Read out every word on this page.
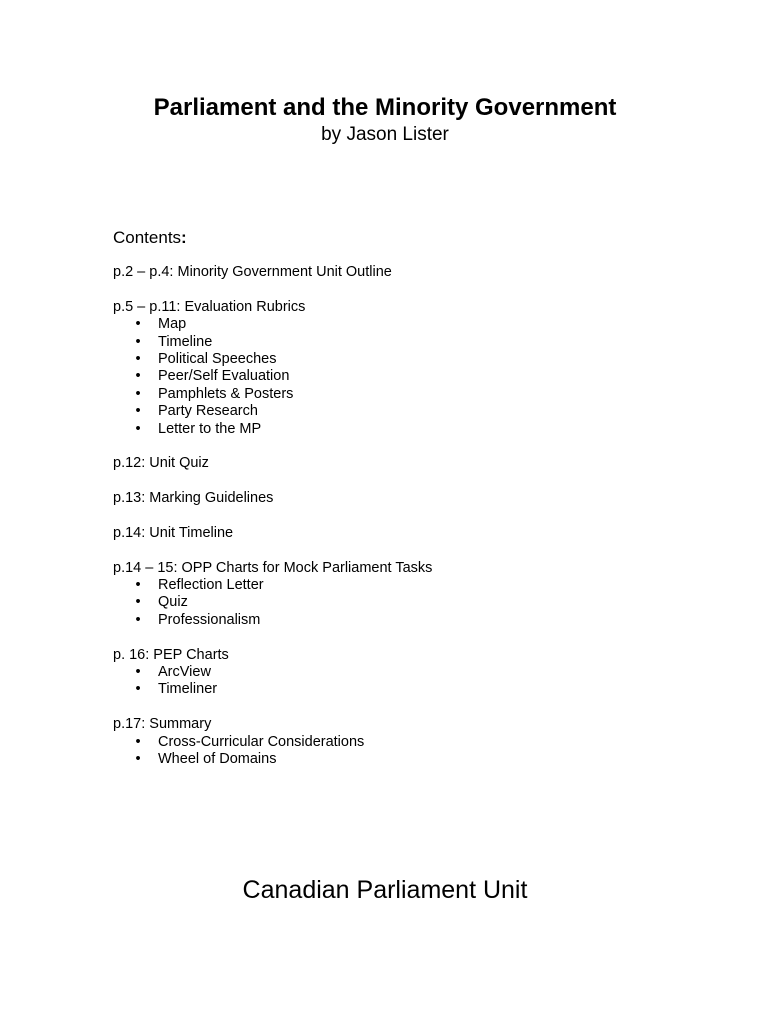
Parliament and the Minority Government
by Jason Lister
Contents:
p.2 – p.4: Minority Government Unit Outline
p.5 – p.11: Evaluation Rubrics
• Map
• Timeline
• Political Speeches
• Peer/Self Evaluation
• Pamphlets & Posters
• Party Research
• Letter to the MP
p.12: Unit Quiz
p.13: Marking Guidelines
p.14: Unit Timeline
p.14 – 15: OPP Charts for Mock Parliament Tasks
• Reflection Letter
• Quiz
• Professionalism
p. 16: PEP Charts
• ArcView
• Timeliner
p.17: Summary
• Cross-Curricular Considerations
• Wheel of Domains
Canadian Parliament Unit
